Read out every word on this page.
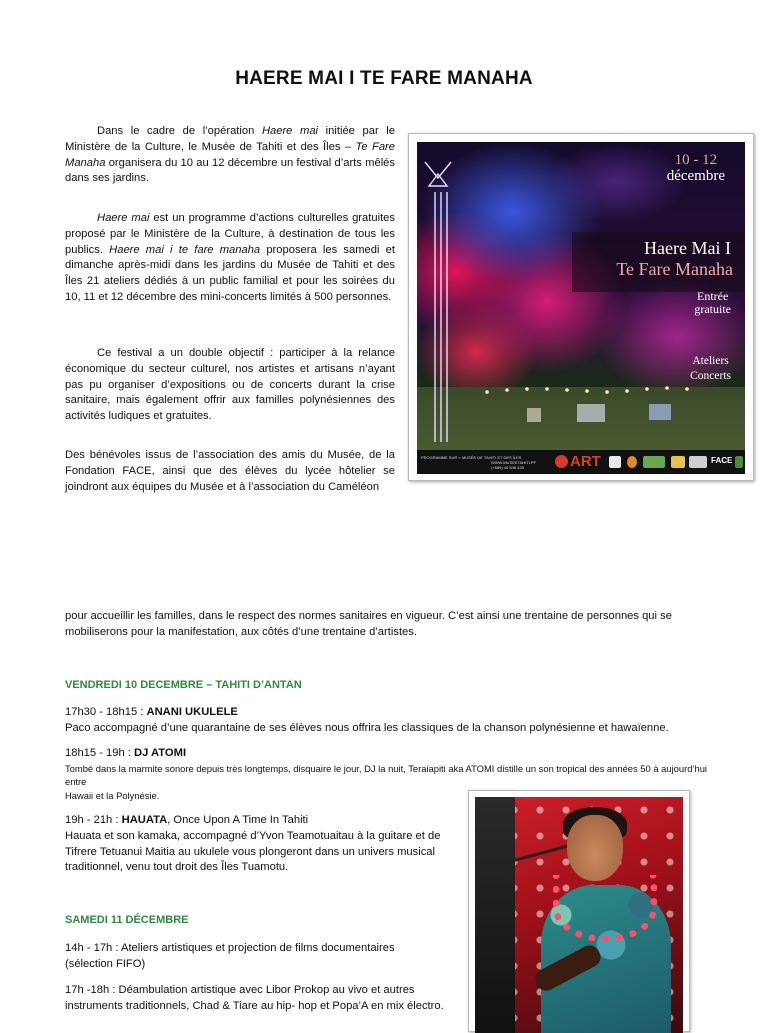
HAERE MAI I TE FARE MANAHA

Dans le cadre de l’opération Haere mai initiée par le Ministère de la Culture, le Musée de Tahiti et des Îles – Te Fare Manaha organisera du 10 au 12 décembre un festival d’arts mêlés dans ses jardins.

Haere mai est un programme d’actions culturelles gratuites proposé par le Ministère de la Culture, à destination de tous les publics. Haere mai i te fare manaha proposera les samedi et dimanche après-midi dans les jardins du Musée de Tahiti et des Îles 21 ateliers dédiés à un public familial et pour les soirées du 10, 11 et 12 décembre des mini-concerts limités à 500 personnes.

Ce festival a un double objectif : participer à la relance économique du secteur culturel, nos artistes et artisans n’ayant pas pu organiser d’expositions ou de concerts durant la crise sanitaire, mais également offrir aux familles polynésiennes des activités ludiques et gratuites.

Des bénévoles issus de l’association des amis du Musée, de la Fondation FACE, ainsi que des élèves du lycée hôtelier se joindront aux équipes du Musée et à l’association du Caméléon

10 - 12
décembre
Haere Mai I
Te Fare Manaha
Entrée
gratuite
Ateliers
Concerts
PROGRAMME SUR ● MUSÉE DE TAHITI ET DES ÎLES
WWW.MUSEETAHITI.PF
(+689) 40 548 435	ART	FACE

pour accueillir les familles, dans le respect des normes sanitaires en vigueur. C’est ainsi une trentaine de personnes qui se mobiliserons pour la manifestation, aux côtés d’une trentaine d’artistes.

VENDREDI 10 DECEMBRE – TAHITI D’ANTAN

17h30 - 18h15 : ANANI UKULELE

Paco accompagné d’une quarantaine de ses élèves nous offrira les classiques de la chanson polynésienne et hawaïenne.

18h15 - 19h : DJ ATOMI

Tombé dans la marmite sonore depuis très longtemps, disquaire le jour, DJ la nuit, Teraiapiti aka ATOMI distille un son tropical des années 50 à aujourd’hui entre

Hawaii et la Polynésie.

19h - 21h : HAUATA, Once Upon A Time In Tahiti

Hauata et son kamaka, accompagné d’Yvon Teamotuaitau à la guitare et de Tifrere Tetuanui Maitia au ukulele vous plongeront dans un univers musical traditionnel, venu tout droit des Îles Tuamotu.

SAMEDI 11 DÉCEMBRE

14h - 17h : Ateliers artistiques et projection de films documentaires (sélection FIFO)

17h -18h : Déambulation artistique avec Libor Prokop au vivo et autres instruments traditionnels, Chad & Tiare au hip- hop et Popa’A en mix électro.
